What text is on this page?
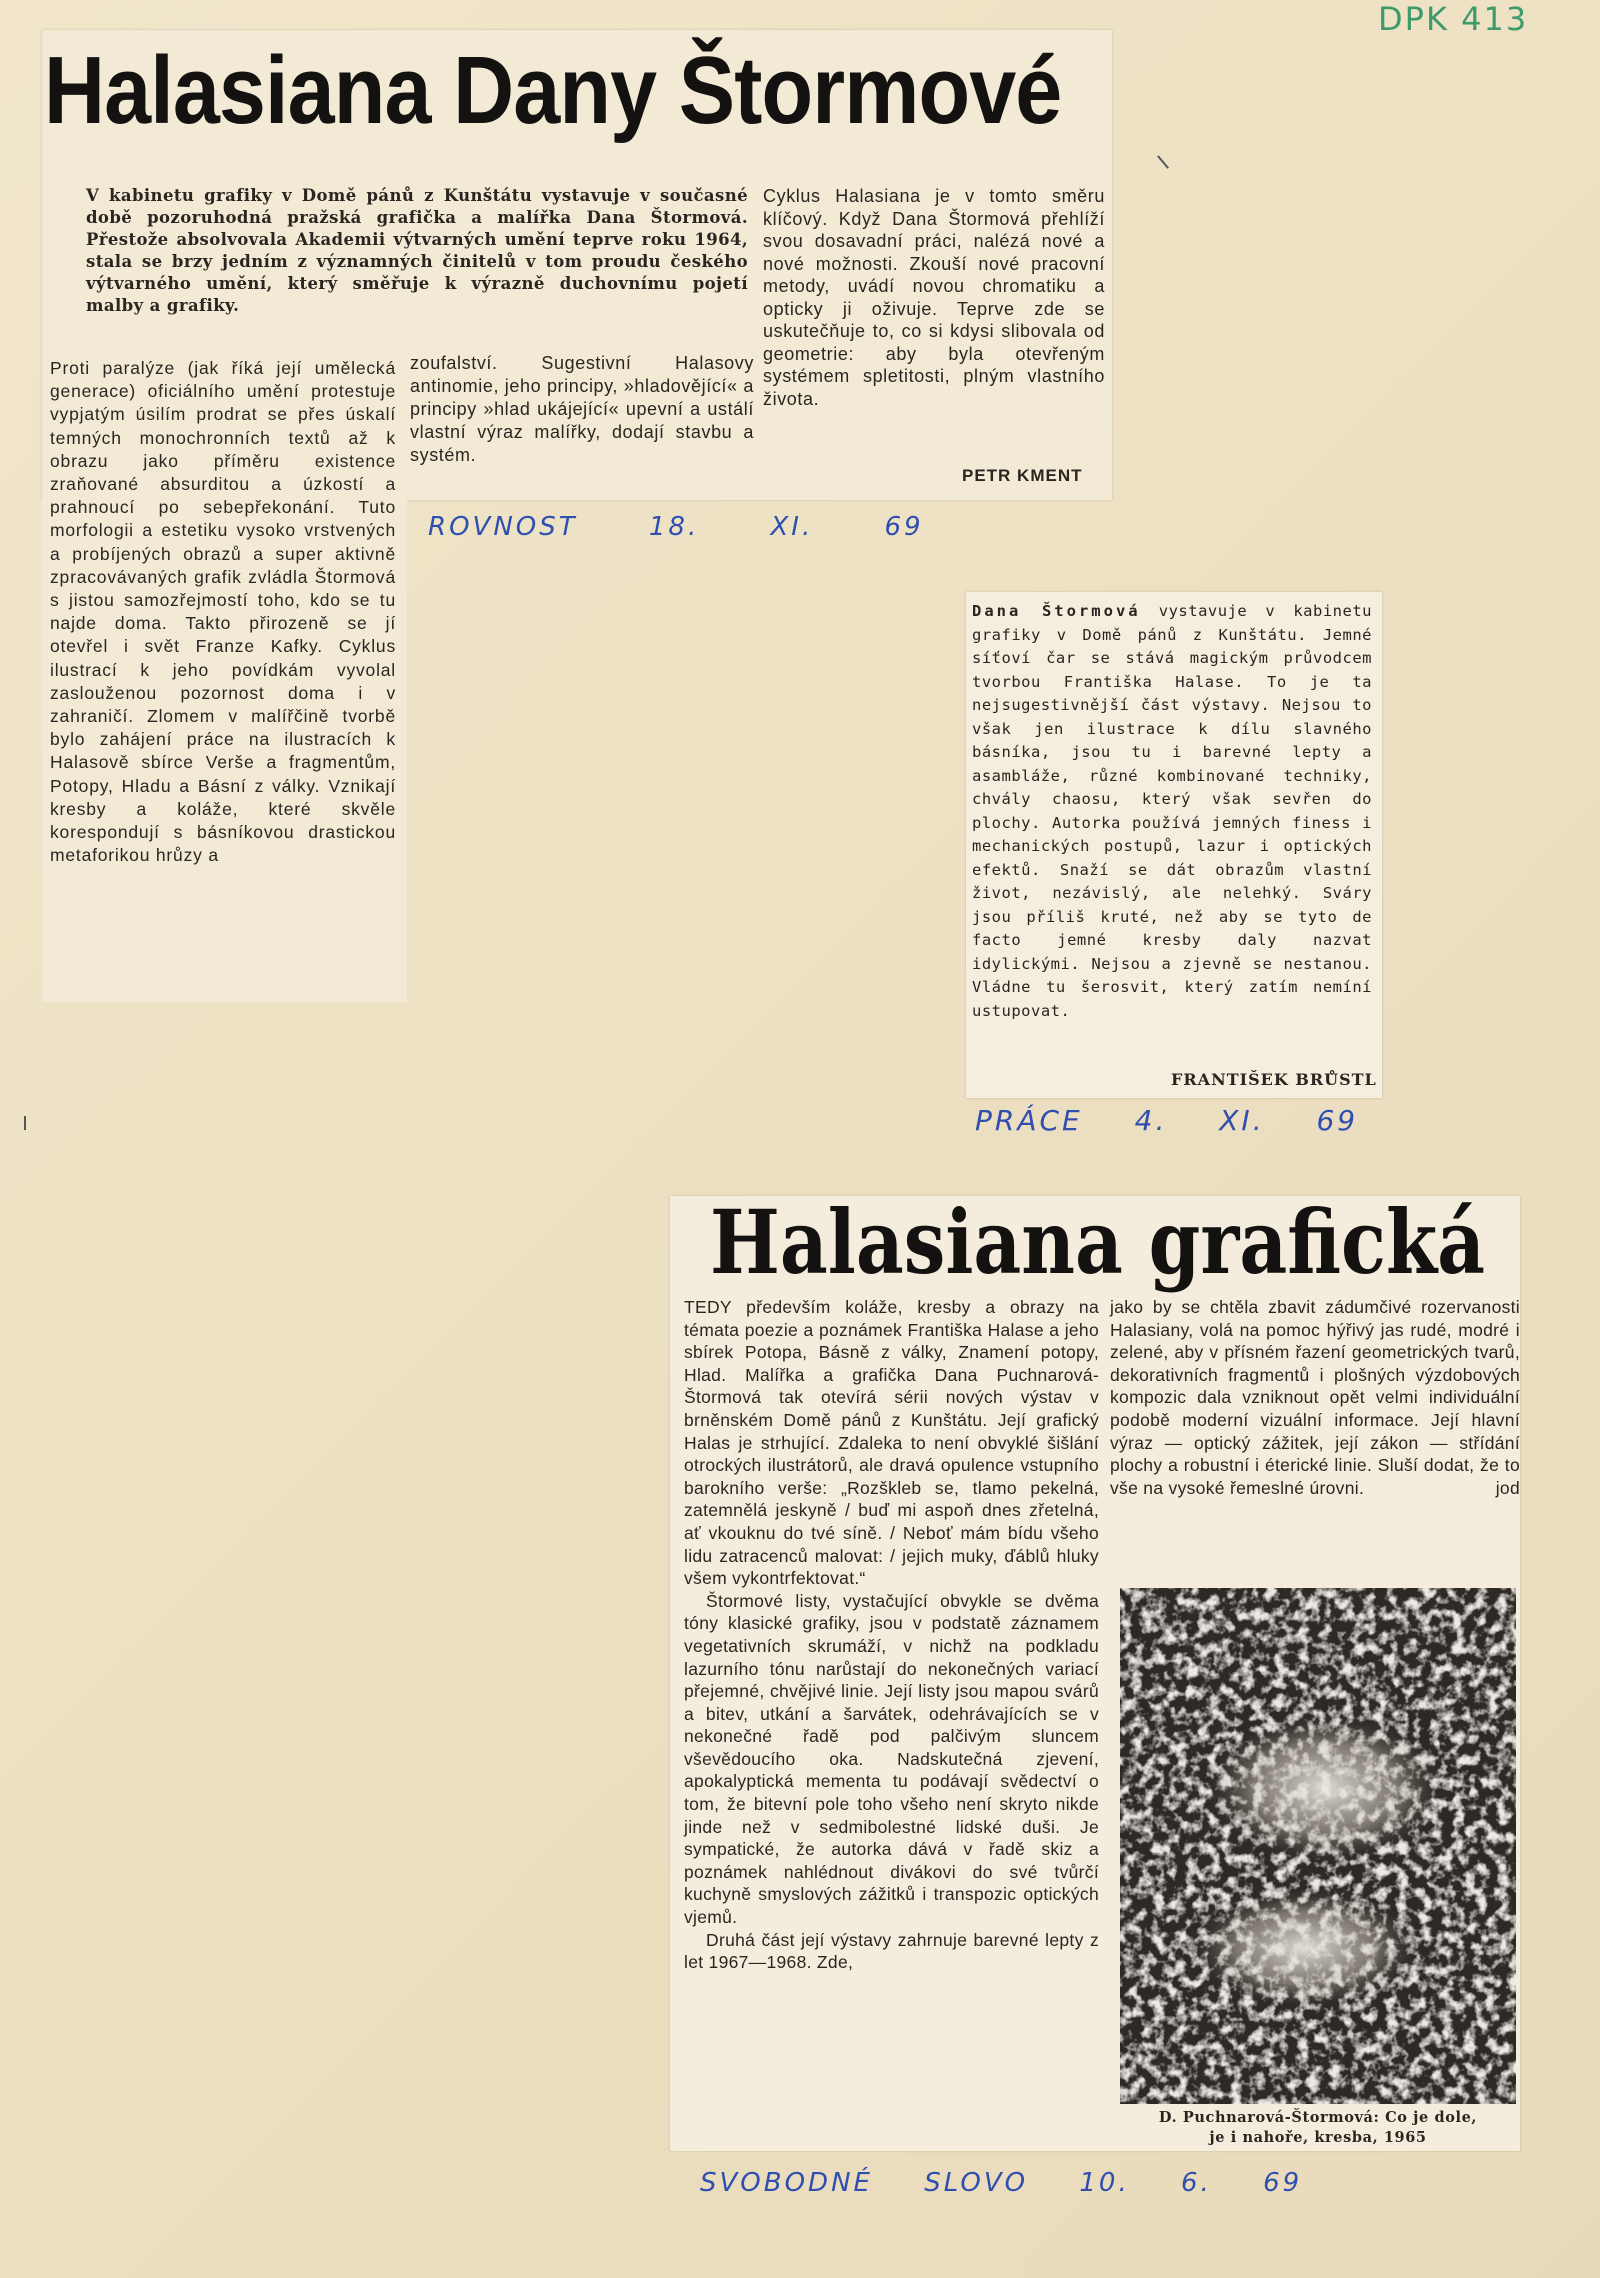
DPK 413
Halasiana Dany Štormové
V kabinetu grafiky v Domě pánů z Kunštátu vystavuje v současné době pozoruhodná pražská grafička a malířka Dana Štormová. Přestože absolvovala Akademii výtvarných umění teprve roku 1964, stala se brzy jedním z významných činitelů v tom proudu českého výtvarného umění, který směřuje k výrazně duchovnímu pojetí malby a grafiky.
Cyklus Halasiana je v tomto směru klíčový. Když Dana Štormová přehlíží svou dosavadní práci, nalézá nové a nové možnosti. Zkouší nové pracovní metody, uvádí novou chromatiku a opticky ji oživuje. Teprve zde se uskutečňuje to, co si kdysi slibovala od geometrie: aby byla otevřeným systémem spletitosti, plným vlastního života.
PETR KMENT
Proti paralýze (jak říká její umělecká generace) oficiálního umění protestuje vypjatým úsilím prodrat se přes úskalí temných monochronních textů až k obrazu jako příměru existence zraňované absurditou a úzkostí a prahnoucí po sebepřekonání. Tuto morfologii a estetiku vysoko vrstvených a probíjených obrazů a super aktivně zpracovávaných grafik zvládla Štormová s jistou samozřejmostí toho, kdo se tu najde doma. Takto přirozeně se jí otevřel i svět Franze Kafky. Cyklus ilustrací k jeho povídkám vyvolal zaslouženou pozornost doma i v zahraničí. Zlomem v malířčině tvorbě bylo zahájení práce na ilustracích k Halasově sbírce Verše a fragmentům, Potopy, Hladu a Básní z války. Vznikají kresby a koláže, které skvěle korespondují s básníkovou drastickou metaforikou hrůzy a
zoufalství. Sugestivní Halasovy antinomie, jeho principy, »hladovějící« a principy »hlad ukájející« upevní a ustálí vlastní výraz malířky, dodají stavbu a systém.
ROVNOST 18. XI. 69

Dana Štormová vystavuje v kabinetu grafiky v Domě pánů z Kunštátu. Jemné síťoví čar se stává magickým průvodcem tvorbou Františka Halase. To je ta nejsugestivnější část výstavy. Nejsou to však jen ilustrace k dílu slavného básníka, jsou tu i barevné lepty a asambláže, různé kombinované techniky, chvály chaosu, který však sevřen do plochy. Autorka používá jemných finess i mechanických postupů, lazur i optických efektů. Snaží se dát obrazům vlastní život, nezávislý, ale nelehký. Sváry jsou příliš kruté, než aby se tyto de facto jemné kresby daly nazvat idylickými. Nejsou a zjevně se nestanou. Vládne tu šerosvit, který zatím nemíní ustupovat.

FRANTIŠEK BRŮSTL
PRÁCE 4. XI. 69
Halasiana grafická

TEDY především koláže, kresby a obrazy na témata poezie a poznámek Františka Halase a jeho sbírek Potopa, Básně z války, Znamení potopy, Hlad. Malířka a grafička Dana Puchnarová-Štormová tak otevírá sérii nových výstav v brněnském Domě pánů z Kunštátu. Její grafický Halas je strhující. Zdaleka to není obvyklé šišlání otrockých ilustrátorů, ale dravá opulence vstupního barokního verše: „Rozškleb se, tlamo pekelná, zatemnělá jeskyně / buď mi aspoň dnes zřetelná, ať vkouknu do tvé síně. / Neboť mám bídu všeho lidu zatracenců malovat: / jejich muky, ďáblů hluky všem vykontrfektovat.“

Štormové listy, vystačující obvykle se dvěma tóny klasické grafiky, jsou v podstatě záznamem vegetativních skrumáží, v nichž na podkladu lazurního tónu narůstají do nekonečných variací přejemné, chvějivé linie. Její listy jsou mapou svárů a bitev, utkání a šarvátek, odehrávajících se v nekonečné řadě pod palčivým sluncem vševědoucího oka. Nadskutečná zjevení, apokalyptická mementa tu podávají svědectví o tom, že bitevní pole toho všeho není skryto nikde jinde než v sedmibolestné lidské duši. Je sympatické, že autorka dává v řadě skiz a poznámek nahlédnout divákovi do své tvůrčí kuchyně smyslových zážitků i transpozic optických vjemů.

Druhá část její výstavy zahrnuje barevné lepty z let 1967—1968. Zde,

jako by se chtěla zbavit zádumčivé rozervanosti Halasiany, volá na pomoc hýřivý jas rudé, modré i zelené, aby v přísném řazení geometrických tvarů, dekorativních fragmentů i plošných výzdobových kompozic dala vzniknout opět velmi individuální podobě moderní vizuální informace. Její hlavní výraz — optický zážitek, její zákon — střídání plochy a robustní i éterické linie. Sluší dodat, že to vše na vysoké řemeslné úrovni.	jod

D. Puchnarová-Štormová: Co je dole,
je i nahoře, kresba, 1965
SVOBODNÉ SLOVO 10. 6. 69
